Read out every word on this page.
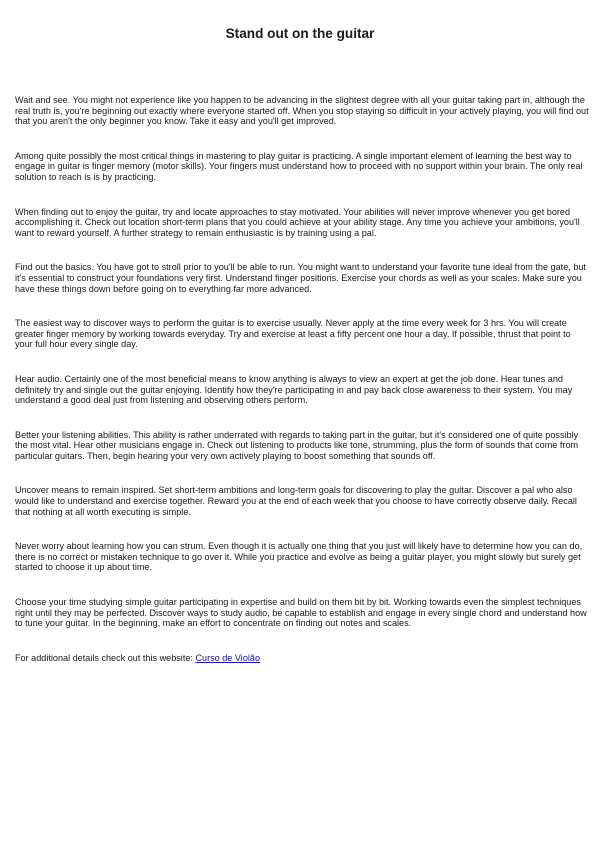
Stand out on the guitar

Wait and see. You might not experience like you happen to be advancing in the slightest degree with all your guitar taking part in, although the real truth is, you're beginning out exactly where everyone started off. When you stop staying so difficult in your actively playing, you will find out that you aren't the only beginner you know. Take it easy and you'll get improved.

Among quite possibly the most critical things in mastering to play guitar is practicing. A single important element of learning the best way to engage in guitar is finger memory (motor skills). Your fingers must understand how to proceed with no support within your brain. The only real solution to reach is is by practicing.

When finding out to enjoy the guitar, try and locate approaches to stay motivated. Your abilities will never improve whenever you get bored accomplishing it. Check out location short-term plans that you could achieve at your ability stage. Any time you achieve your ambitions, you'll want to reward yourself. A further strategy to remain enthusiastic is by training using a pal.

Find out the basics. You have got to stroll prior to you'll be able to run. You might want to understand your favorite tune ideal from the gate, but it's essential to construct your foundations very first. Understand finger positions. Exercise your chords as well as your scales. Make sure you have these things down before going on to everything far more advanced.

The easiest way to discover ways to perform the guitar is to exercise usually. Never apply at the time every week for 3 hrs. You will create greater finger memory by working towards everyday. Try and exercise at least a fifty percent one hour a day. If possible, thrust that point to your full hour every single day.

Hear audio. Certainly one of the most beneficial means to know anything is always to view an expert at get the job done. Hear tunes and definitely try and single out the guitar enjoying. Identify how they're participating in and pay back close awareness to their system. You may understand a good deal just from listening and observing others perform.

Better your listening abilities. This ability is rather underrated with regards to taking part in the guitar, but it's considered one of quite possibly the most vital. Hear other musicians engage in. Check out listening to products like tone, strumming, plus the form of sounds that come from particular guitars. Then, begin hearing your very own actively playing to boost something that sounds off.

Uncover means to remain inspired. Set short-term ambitions and long-term goals for discovering to play the guitar. Discover a pal who also would like to understand and exercise together. Reward you at the end of each week that you choose to have correctly observe daily. Recall that nothing at all worth executing is simple.

Never worry about learning how you can strum. Even though it is actually one thing that you just will likely have to determine how you can do, there is no correct or mistaken technique to go over it. While you practice and evolve as being a guitar player, you might slowly but surely get started to choose it up about time.

Choose your time studying simple guitar participating in expertise and build on them bit by bit. Working towards even the simplest techniques right until they may be perfected. Discover ways to study audio, be capable to establish and engage in every single chord and understand how to tune your guitar. In the beginning, make an effort to concentrate on finding out notes and scales.

For additional details check out this website: Curso de Violão
